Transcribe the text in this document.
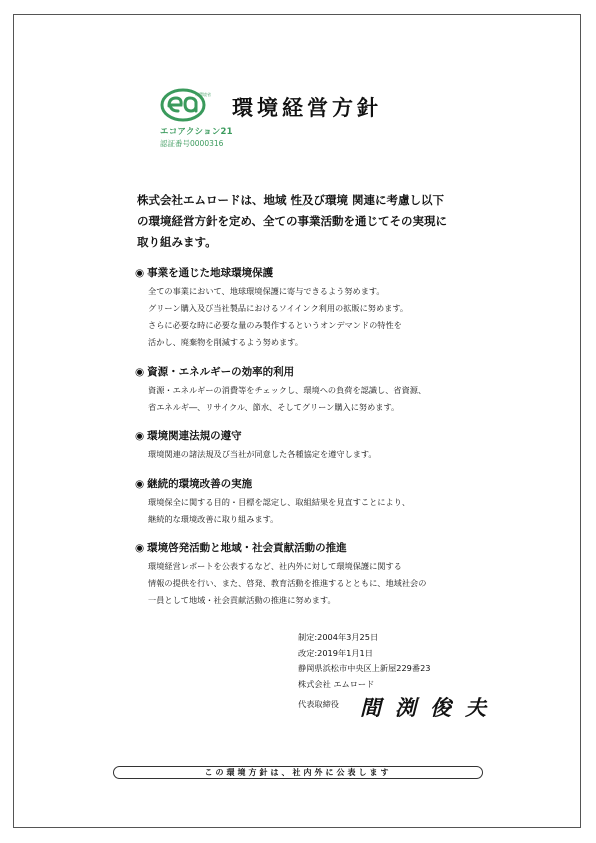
市環境省
エコアクション21
認証番号0000316
環境経営方針
株式会社エムロードは、地域 性及び環境 関連に考慮し以下
の環境経営方針を定め、全ての事業活動を通じてその実現に
取り組みます。
◉ 事業を通じた地球環境保護
全ての事業において、地球環境保護に寄与できるよう努めます。
グリーン購入及び当社製品におけるソイインク利用の拡販に努めます。
さらに必要な時に必要な量のみ製作するというオンデマンドの特性を
活かし、廃棄物を削減するよう努めます。
◉ 資源・エネルギーの効率的利用
資源・エネルギーの消費等をチェックし、環境への負荷を認識し、省資源、
省エネルギ―、リサイクル、節水、そしてグリーン購入に努めます。
◉ 環境関連法規の遵守
環境関連の諸法規及び当社が同意した各種協定を遵守します。
◉ 継続的環境改善の実施
環境保全に関する目的・目標を認定し、取組結果を見直すことにより、
継続的な環境改善に取り組みます。
◉ 環境啓発活動と地域・社会貢献活動の推進
環境経営レポートを公表するなど、社内外に対して環境保護に関する
情報の提供を行い、また、啓発、教育活動を推進するとともに、地域社会の
一員として地域・社会貢献活動の推進に努めます。
制定:2004年3月25日
改定:2019年1月1日
静岡県浜松市中央区上新屋229番23
株式会社 エムロード
代表取締役 間渕俊夫
この環境方針は、社内外に公表します
